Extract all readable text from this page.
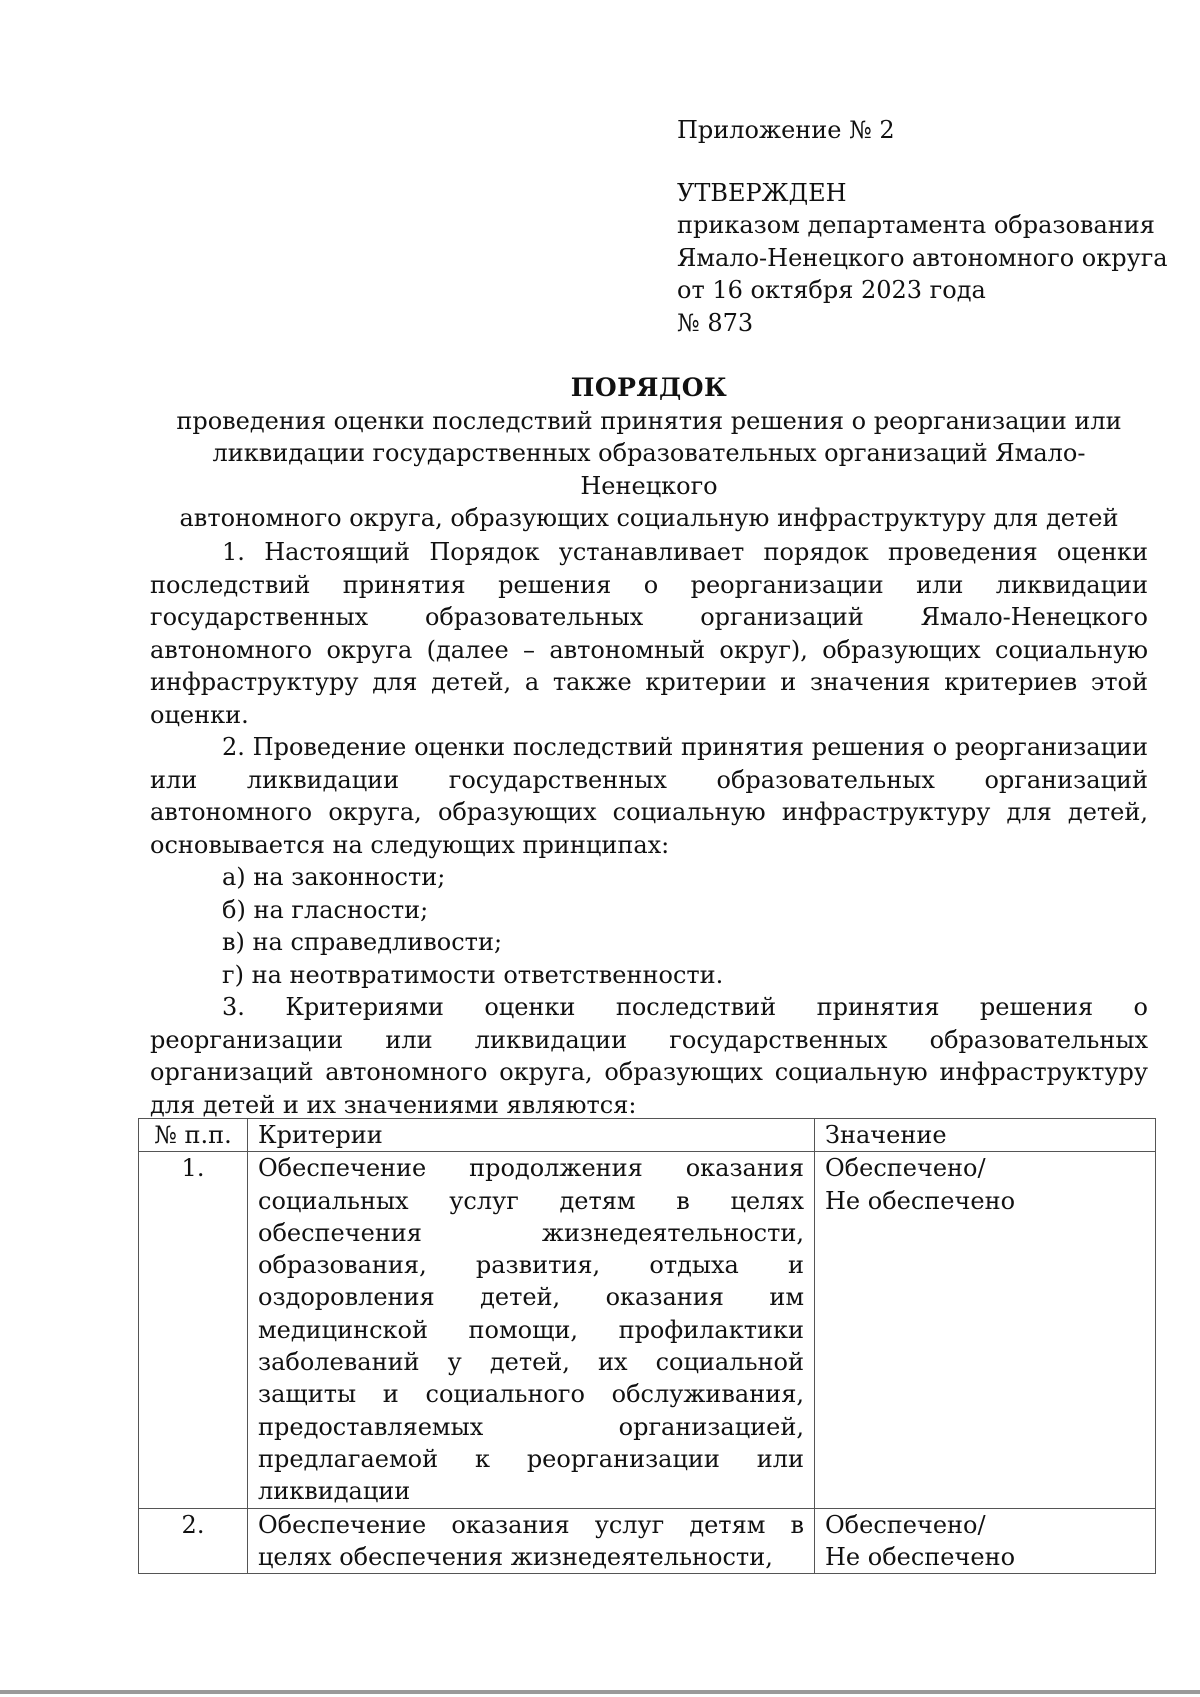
Приложение № 2
УТВЕРЖДЕН
приказом департамента образования
Ямало-Ненецкого автономного округа
от 16 октября 2023 года
№ 873
ПОРЯДОК
проведения оценки последствий принятия решения о реорганизации или
ликвидации государственных образовательных организаций Ямало-Ненецкого
автономного округа, образующих социальную инфраструктуру для детей

1. Настоящий Порядок устанавливает порядок проведения оценки последствий принятия решения о реорганизации или ликвидации государственных образовательных организаций Ямало-Ненецкого автономного округа (далее – автономный округ), образующих социальную инфраструктуру для детей, а также критерии и значения критериев этой оценки.

2. Проведение оценки последствий принятия решения о реорганизации или ликвидации государственных образовательных организаций автономного округа, образующих социальную инфраструктуру для детей, основывается на следующих принципах:

а) на законности;

б) на гласности;

в) на справедливости;

г) на неотвратимости ответственности.

3. Критериями оценки последствий принятия решения о реорганизации или ликвидации государственных образовательных организаций автономного округа, образующих социальную инфраструктуру для детей и их значениями являются:

№ п.п.	Критерии	Значение
1.	Обеспечение продолжения оказания социальных услуг детям в целях обеспечения жизнедеятельности, образования, развития, отдыха и оздоровления детей, оказания им медицинской помощи, профилактики заболеваний у детей, их социальной защиты и социального обслуживания, предоставляемых организацией, предлагаемой к реорганизации или ликвидации	Обеспечено/
Не обеспечено

2.	Обеспечение оказания услуг детям в целях обеспечения жизнедеятельности,	Обеспечено/
Не обеспечено
